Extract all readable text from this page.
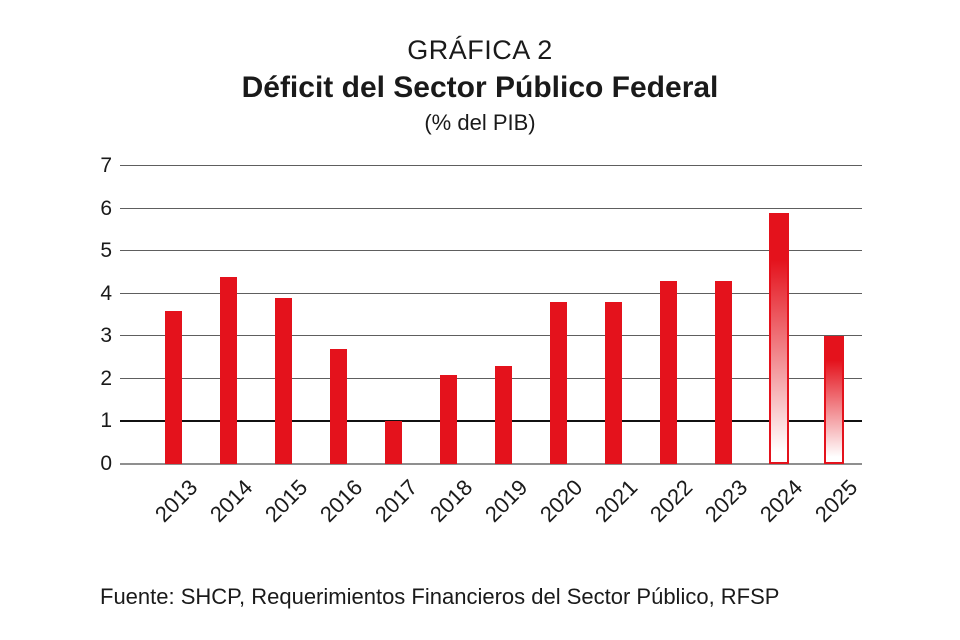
GRÁFICA 2
Déficit del Sector Público Federal
(% del PIB)
2013 2014 2015 2016 2017 2018 2019 2020 2021 2022 2023 2024 2025
Fuente: SHCP, Requerimientos Financieros del Sector Público, RFSP
0
1
2
3
4
5
6
7
